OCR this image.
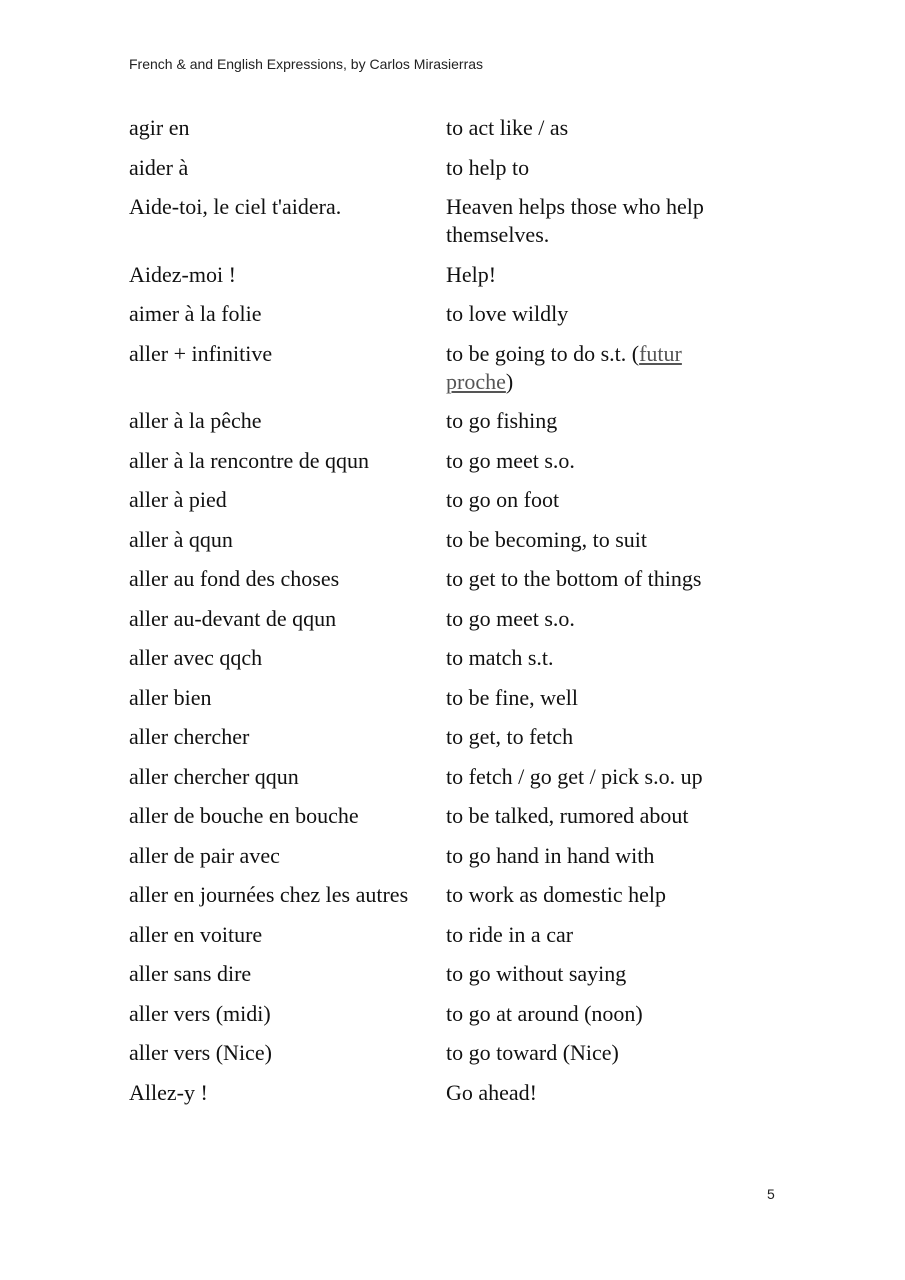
French & and English Expressions, by Carlos Mirasierras
agir en	to act like / as
aider à	to help to
Aide-toi, le ciel t'aidera.	Heaven helps those who help themselves.
Aidez-moi !	Help!
aimer à la folie	to love wildly
aller + infinitive	to be going to do s.t. (futur proche)
aller à la pêche	to go fishing
aller à la rencontre de qqun	to go meet s.o.
aller à pied	to go on foot
aller à qqun	to be becoming, to suit
aller au fond des choses	to get to the bottom of things
aller au-devant de qqun	to go meet s.o.
aller avec qqch	to match s.t.
aller bien	to be fine, well
aller chercher	to get, to fetch
aller chercher qqun	to fetch / go get / pick s.o. up
aller de bouche en bouche	to be talked, rumored about
aller de pair avec	to go hand in hand with
aller en journées chez les autres	to work as domestic help
aller en voiture	to ride in a car
aller sans dire	to go without saying
aller vers (midi)	to go at around (noon)
aller vers (Nice)	to go toward (Nice)
Allez-y !	Go ahead!
5
